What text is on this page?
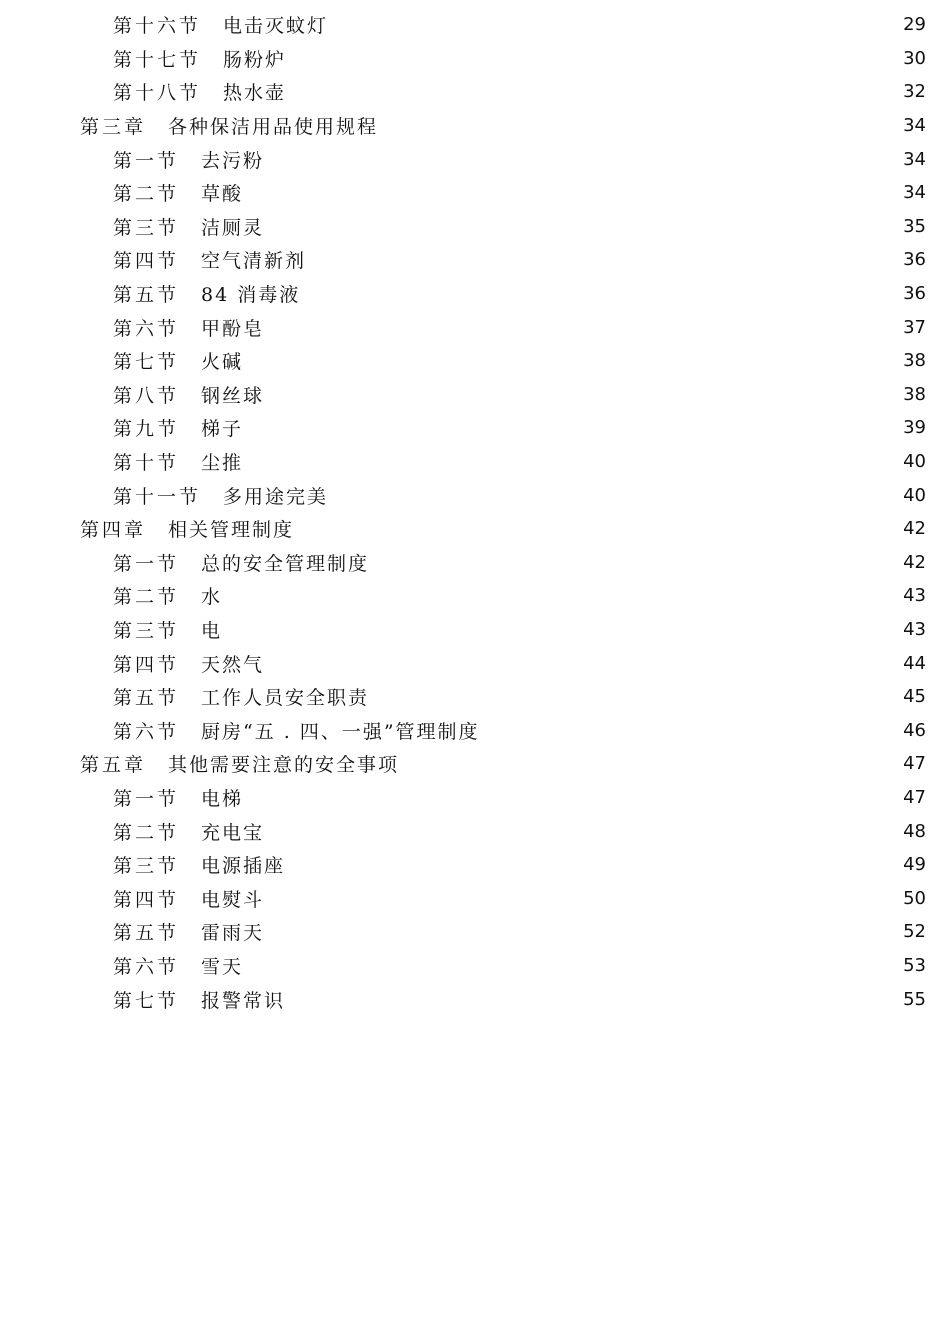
第十六节 电击灭蚊灯	29
第十七节 肠粉炉	30
第十八节 热水壶	32
第三章 各种保洁用品使用规程	34
第一节 去污粉	34
第二节 草酸	34
第三节 洁厕灵	35
第四节 空气清新剂	36
第五节 84 消毒液	36
第六节 甲酚皂	37
第七节 火碱	38
第八节 钢丝球	38
第九节 梯子	39
第十节 尘推	40
第十一节 多用途完美	40
第四章 相关管理制度	42
第一节 总的安全管理制度	42
第二节 水	43
第三节 电	43
第四节 天然气	44
第五节 工作人员安全职责	45
第六节 厨房“五 . 四、一强”管理制度	46
第五章 其他需要注意的安全事项	47
第一节 电梯	47
第二节 充电宝	48
第三节 电源插座	49
第四节 电熨斗	50
第五节 雷雨天	52
第六节 雪天	53
第七节 报警常识	55
